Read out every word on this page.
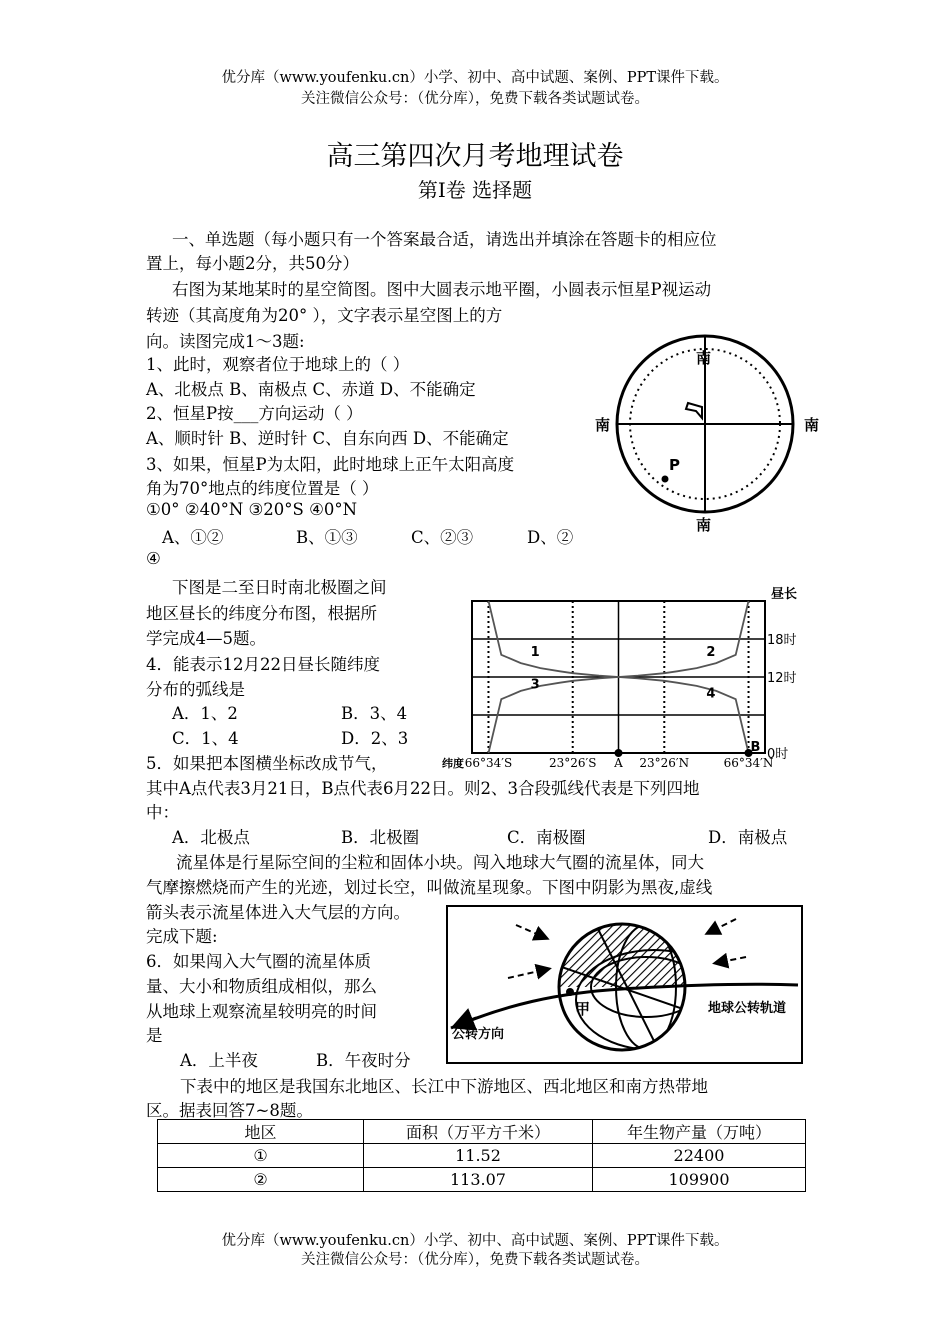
优分库（www.youfenku.cn）小学、初中、高中试题、案例、PPT课件下载。
关注微信公众号：（优分库），免费下载各类试题试卷。
高三第四次月考地理试卷
第Ⅰ卷 选择题
一、单选题（每小题只有一个答案最合适，请选出并填涂在答题卡的相应位
置上，每小题2分，共50分）
右图为某地某时的星空简图。图中大圆表示地平圈，小圆表示恒星P视运动
转迹（其高度角为20° ），文字表示星空图上的方
向。读图完成1～3题:
1、此时，观察者位于地球上的（ ）
A、北极点 B、南极点 C、赤道 D、不能确定
2、恒星P按___方向运动（ ）
A、顺时针 B、逆时针 C、自东向西 D、不能确定
3、如果，恒星P为太阳，此时地球上正午太阳高度
角为70°地点的纬度位置是（ ）
①0° ②40°N ③20°S ④0°N
A、①②	B、①③	C、②③	D、②
④
南
南	南
南
P
下图是二至日时南北极圈之间
地区昼长的纬度分布图，根据所
学完成4—5题。
4．能表示12月22日昼长随纬度
分布的弧线是
A．1、2	B．3、4
C．1、4	D．2、3
1	2
3
4
0时
12时
18时
昼长
66°34′S	23°26′S A 23°26′N	66°34′N
纬度
B
5．如果把本图横坐标改成节气，
其中A点代表3月21日，B点代表6月22日。则2、3合段弧线代表是下列四地
中：
A．北极点	B．北极圈	C．南极圈	D．南极点
流星体是行星际空间的尘粒和固体小块。闯入地球大气圈的流星体，同大
气摩擦燃烧而产生的光迹，划过长空，叫做流星现象。下图中阴影为黑夜,虚线
箭头表示流星体进入大气层的方向。
完成下题:
6．如果闯入大气圈的流星体质
量、大小和物质组成相似，那么
从地球上观察流星较明亮的时间
是
A．上半夜	B．午夜时分
甲	地球公转轨道
公转方向
下表中的地区是我国东北地区、长江中下游地区、西北地区和南方热带地
区。据表回答7~8题。
地区	面积（万平方千米）	年生物产量（万吨）
①	11.52	22400
②	113.07	109900
优分库（www.youfenku.cn）小学、初中、高中试题、案例、PPT课件下载。
关注微信公众号：（优分库），免费下载各类试题试卷。
